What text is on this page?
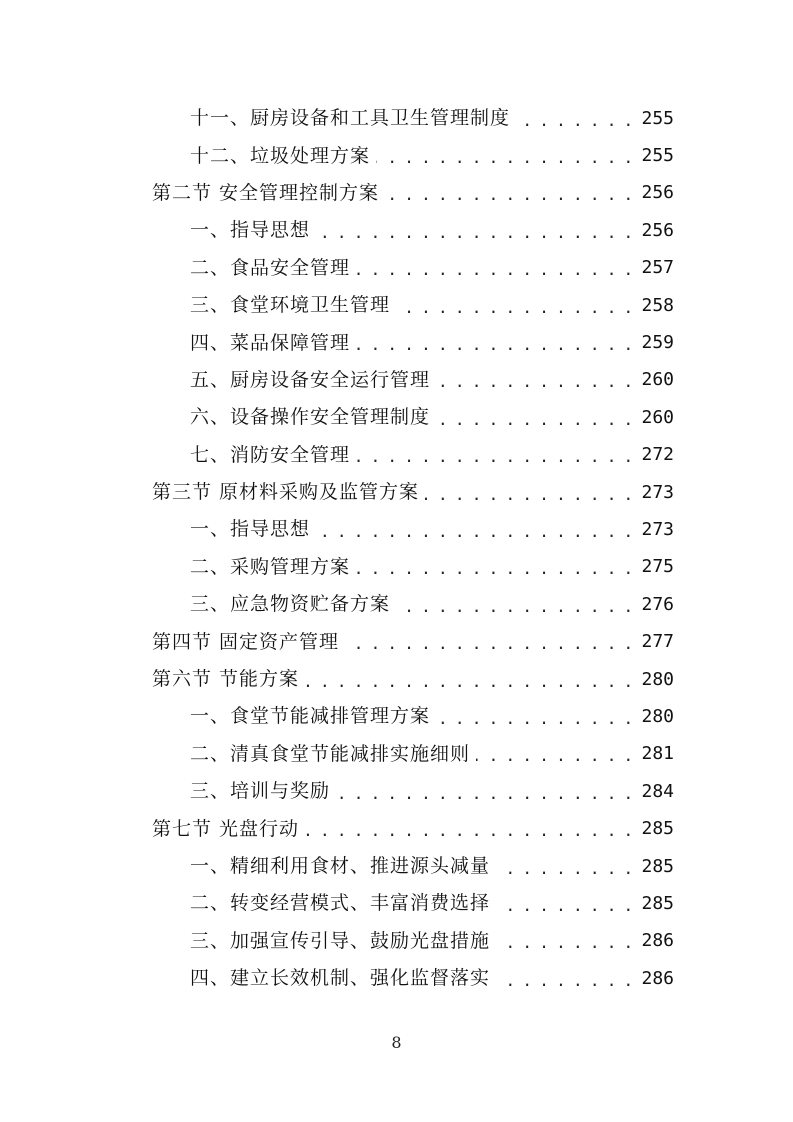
十一、厨房设备和工具卫生管理制度 . . .	255
十二、垃圾处理方案 . . .	255
第二节 安全管理控制方案 . . .	256
一、指导思想 . . .	256
二、食品安全管理 . . .	257
三、食堂环境卫生管理 . . .	258
四、菜品保障管理 . . .	259
五、厨房设备安全运行管理 . . .	260
六、设备操作安全管理制度 . . .	260
七、消防安全管理 . . .	272
第三节 原材料采购及监管方案 . . .	273
一、指导思想 . . .	273
二、采购管理方案 . . .	275
三、应急物资贮备方案 . . .	276
第四节 固定资产管理 . . .	277
第六节 节能方案 . . .	280
一、食堂节能减排管理方案 . . .	280
二、清真食堂节能减排实施细则 . . .	281
三、培训与奖励 . . .	284
第七节 光盘行动 . . .	285
一、精细利用食材、推进源头减量 . . .	285
二、转变经营模式、丰富消费选择 . . .	285
三、加强宣传引导、鼓励光盘措施 . . .	286
四、建立长效机制、强化监督落实 . . .	286
8
